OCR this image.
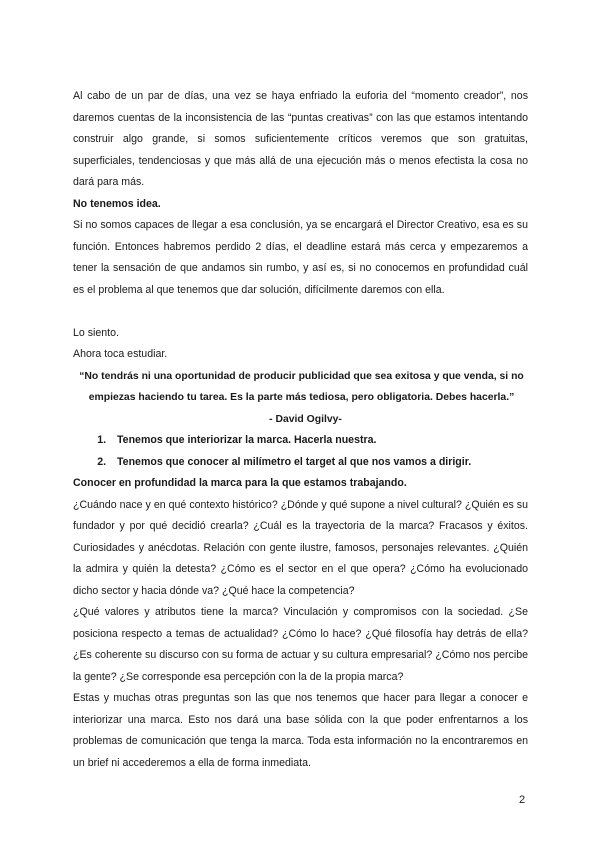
Al cabo de un par de días, una vez se haya enfriado la euforia del “momento creador”, nos daremos cuentas de la inconsistencia de las “puntas creativas” con las que estamos intentando construir algo grande, si somos suficientemente críticos veremos que son gratuitas, superficiales, tendenciosas y que más allá de una ejecución más o menos efectista la cosa no dará para más.

No tenemos idea.

Si no somos capaces de llegar a esa conclusión, ya se encargará el Director Creativo, esa es su función. Entonces habremos perdido 2 días, el deadline estará más cerca y empezaremos a tener la sensación de que andamos sin rumbo, y así es, si no conocemos en profundidad cuál es el problema al que tenemos que dar solución, difícilmente daremos con ella.

Lo siento.

Ahora toca estudiar.

“No tendrás ni una oportunidad de producir publicidad que sea exitosa y que venda, si no

empiezas haciendo tu tarea. Es la parte más tediosa, pero obligatoria. Debes hacerla.”

- David Ogilvy-

1. Tenemos que interiorizar la marca. Hacerla nuestra.
2. Tenemos que conocer al milímetro el target al que nos vamos a dirigir.

Conocer en profundidad la marca para la que estamos trabajando.

¿Cuándo nace y en qué contexto histórico? ¿Dónde y qué supone a nivel cultural? ¿Quién es su fundador y por qué decidió crearla? ¿Cuál es la trayectoria de la marca? Fracasos y éxitos. Curiosidades y anécdotas. Relación con gente ilustre, famosos, personajes relevantes. ¿Quién la admira y quién la detesta? ¿Cómo es el sector en el que opera? ¿Cómo ha evolucionado dicho sector y hacia dónde va? ¿Qué hace la competencia?

¿Qué valores y atributos tiene la marca? Vinculación y compromisos con la sociedad. ¿Se posiciona respecto a temas de actualidad? ¿Cómo lo hace? ¿Qué filosofía hay detrás de ella? ¿Es coherente su discurso con su forma de actuar y su cultura empresarial? ¿Cómo nos percibe la gente? ¿Se corresponde esa percepción con la de la propia marca?

Estas y muchas otras preguntas son las que nos tenemos que hacer para llegar a conocer e interiorizar una marca. Esto nos dará una base sólida con la que poder enfrentarnos a los problemas de comunicación que tenga la marca. Toda esta información no la encontraremos en un brief ni accederemos a ella de forma inmediata.

2
